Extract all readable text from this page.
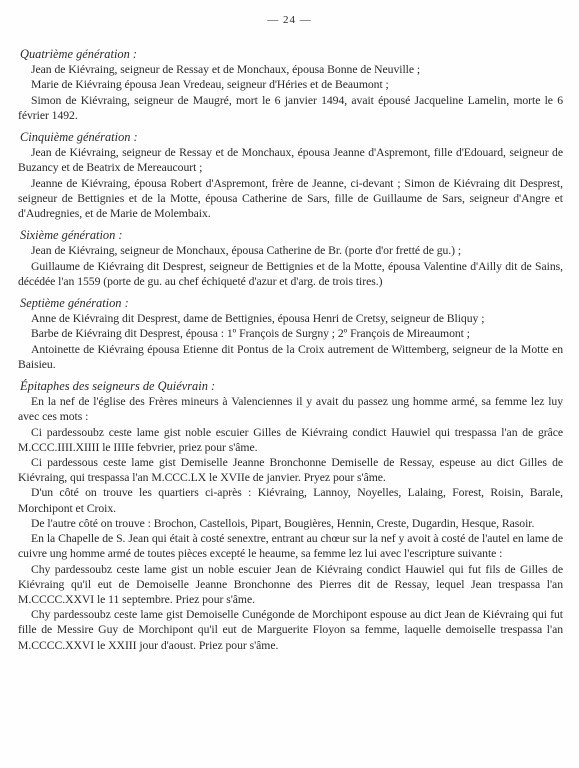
— 24 —

Quatrième génération :

Jean de Kiévraing, seigneur de Ressay et de Monchaux, épousa Bonne de Neuville ;

Marie de Kiévraing épousa Jean Vredeau, seigneur d'Héries et de Beaumont ;

Simon de Kiévraing, seigneur de Maugré, mort le 6 janvier 1494, avait épousé Jacqueline Lamelin, morte le 6 février 1492.

Cinquième génération :

Jean de Kiévraing, seigneur de Ressay et de Monchaux, épousa Jeanne d'Aspremont, fille d'Edouard, seigneur de Buzancy et de Beatrix de Mereaucourt ;

Jeanne de Kiévraing, épousa Robert d'Aspremont, frère de Jeanne, ci-devant ; Simon de Kiévraing dit Desprest, seigneur de Bettignies et de la Motte, épousa Catherine de Sars, fille de Guillaume de Sars, seigneur d'Angre et d'Audregnies, et de Marie de Molembaix.

Sixième génération :

Jean de Kiévraing, seigneur de Monchaux, épousa Catherine de Br. (porte d'or fretté de gu.) ;

Guillaume de Kiévraing dit Desprest, seigneur de Bettignies et de la Motte, épousa Valentine d'Ailly dit de Sains, décédée l'an 1559 (porte de gu. au chef échiqueté d'azur et d'arg. de trois tires.)

Septième génération :

Anne de Kiévraing dit Desprest, dame de Bettignies, épousa Henri de Cretsy, seigneur de Bliquy ;

Barbe de Kiévraing dit Desprest, épousa : 1º François de Surgny ; 2º François de Mireaumont ;

Antoinette de Kiévraing épousa Etienne dit Pontus de la Croix autrement de Wittemberg, seigneur de la Motte en Baisieu.

Épitaphes des seigneurs de Quiévrain :

En la nef de l'église des Frères mineurs à Valenciennes il y avait du passez ung homme armé, sa femme lez luy avec ces mots :

Ci pardessoubz ceste lame gist noble escuier Gilles de Kiévraing condict Hauwiel qui trespassa l'an de grâce M.CCC.IIII.XIIII le IIIIe febvrier, priez pour s'âme.

Ci pardessous ceste lame gist Demiselle Jeanne Bronchonne Demiselle de Ressay, espeuse au dict Gilles de Kiévraing, qui trespassa l'an M.CCC.LX le XVIIe de janvier. Pryez pour s'âme.

D'un côté on trouve les quartiers ci-après : Kiévraing, Lannoy, Noyelles, Lalaing, Forest, Roisin, Barale, Morchipont et Croix.

De l'autre côté on trouve : Brochon, Castellois, Pipart, Bougières, Hennin, Creste, Dugardin, Hesque, Rasoir.

En la Chapelle de S. Jean qui était à costé senextre, entrant au chœur sur la nef y avoit à costé de l'autel en lame de cuivre ung homme armé de toutes pièces excepté le heaume, sa femme lez lui avec l'escripture suivante :

Chy pardessoubz ceste lame gist un noble escuier Jean de Kiévraing condict Hauwiel qui fut fils de Gilles de Kiévraing qu'il eut de Demoiselle Jeanne Bronchonne des Pierres dit de Ressay, lequel Jean trespassa l'an M.CCCC.XXVI le 11 septembre. Priez pour s'âme.

Chy pardessoubz ceste lame gist Demoiselle Cunégonde de Morchipont espouse au dict Jean de Kiévraing qui fut fille de Messire Guy de Morchipont qu'il eut de Marguerite Floyon sa femme, laquelle demoiselle trespassa l'an M.CCCC.XXVI le XXIII jour d'aoust. Priez pour s'âme.
